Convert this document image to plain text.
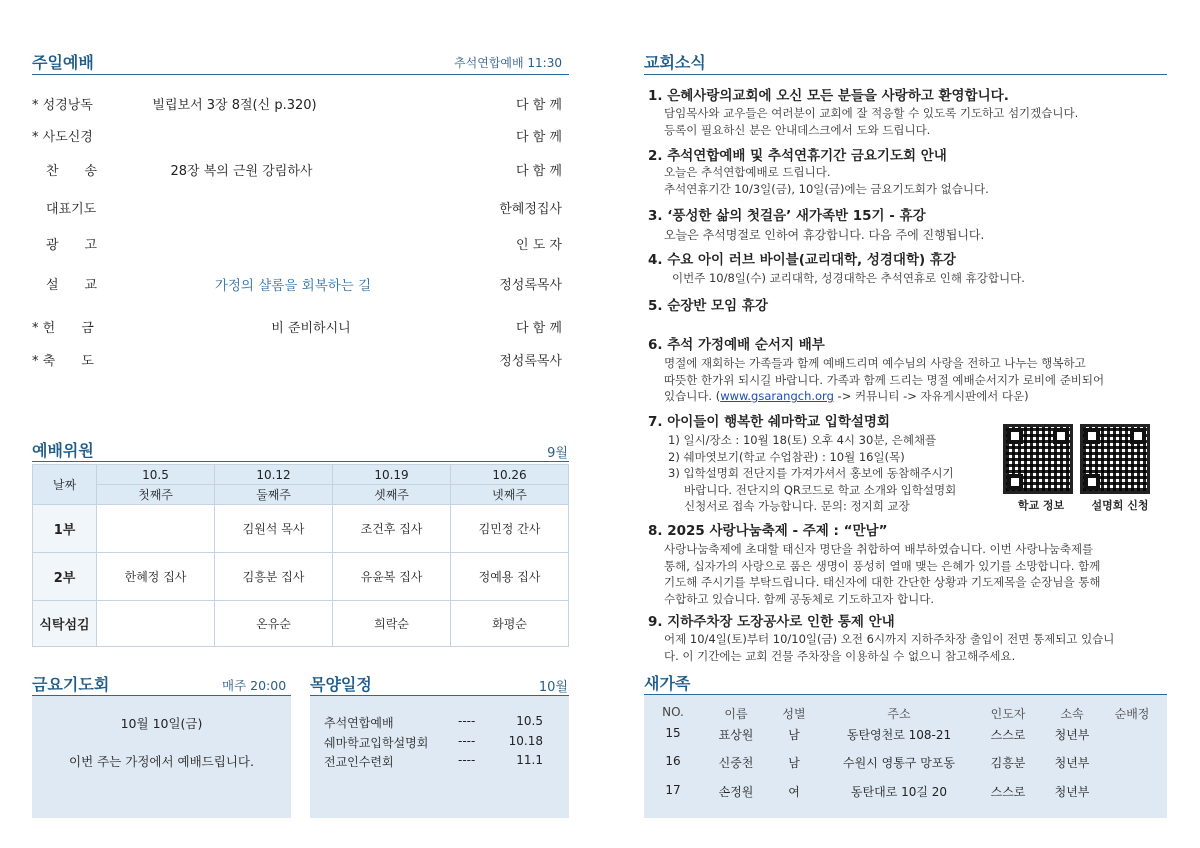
주일예배	추석연합예배 11:30
* 성경낭독	빌립보서 3장 8절(신 p.320)	다 함 께
* 사도신경	다 함 께
찬　　송	28장 복의 근원 강림하사	다 함 께
대표기도	한혜정집사
광　　고	인 도 자
설　　교	가정의 샬롬을 회복하는 길	정성록목사
* 헌　　금	비 준비하시니	다 함 께
* 축　　도	정성록목사
예배위원	9월
날짜	10.5	10.12	10.19	10.26
	첫째주	둘째주	셋째주	넷째주
1부		김원석 목사	조건후 집사	김민정 간사
2부	한혜정 집사	김흥분 집사	유윤복 집사	정예용 집사
식탁섬김		온유순	희락순	화평순
금요기도회	매주 20:00
10월 10일(금)
이번 주는 가정에서 예배드립니다.
목양일정	10월
추석연합예배	----	10.5
쉐마학교입학설명회 ----	10.18
전교인수련회	----	11.1
교회소식
1. 은혜사랑의교회에 오신 모든 분들을 사랑하고 환영합니다.
담임목사와 교우들은 여러분이 교회에 잘 적응할 수 있도록 기도하고 섬기겠습니다.
등록이 필요하신 분은 안내데스크에서 도와 드립니다.
2. 추석연합예배 및 추석연휴기간 금요기도회 안내
오늘은 추석연합예배로 드립니다.
추석연휴기간 10/3일(금), 10일(금)에는 금요기도회가 없습니다.
3. ‘풍성한 삶의 첫걸음’ 새가족반 15기 - 휴강
오늘은 추석명절로 인하여 휴강합니다. 다음 주에 진행됩니다.
4. 수요 아이 러브 바이블(교리대학, 성경대학) 휴강
이번주 10/8일(수) 교리대학, 성경대학은 추석연휴로 인해 휴강합니다.
5. 순장반 모임 휴강
6. 추석 가정예배 순서지 배부
명절에 재회하는 가족들과 함께 예배드리며 예수님의 사랑을 전하고 나누는 행복하고
따뜻한 한가위 되시길 바랍니다. 가족과 함께 드리는 명절 예배순서지가 로비에 준비되어
있습니다. (www.gsarangch.org -> 커뮤니티 -> 자유게시판에서 다운)
7. 아이들이 행복한 쉐마학교 입학설명회
1) 일시/장소 : 10월 18(토) 오후 4시 30분, 은혜채플
2) 쉐마엿보기(학교 수업참관) : 10월 16일(목)
3) 입학설명회 전단지를 가져가셔서 홍보에 동참해주시기
바랍니다. 전단지의 QR코드로 학교 소개와 입학설명회
신청서로 접속 가능합니다. 문의: 정지희 교장	학교 정보	설명회 신청
8. 2025 사랑나눔축제 - 주제 : “만남”
사랑나눔축제에 초대할 태신자 명단을 취합하여 배부하였습니다. 이번 사랑나눔축제를
통해, 십자가의 사랑으로 품은 생명이 풍성히 열매 맺는 은혜가 있기를 소망합니다. 함께
기도해 주시기를 부탁드립니다. 태신자에 대한 간단한 상황과 기도제목을 순장님을 통해
수합하고 있습니다. 함께 공동체로 기도하고자 합니다.
9. 지하주차장 도장공사로 인한 통제 안내
어제 10/4일(토)부터 10/10일(금) 오전 6시까지 지하주차장 출입이 전면 통제되고 있습니
다. 이 기간에는 교회 건물 주차장을 이용하실 수 없으니 참고해주세요.
새가족
NO.	이름	성별	주소	인도자	소속	순배정
15	표상원	남	동탄영천로 108-21	스스로	청년부
16	신중천	남	수원시 영통구 망포동	김흥분	청년부
17	손정원	여	동탄대로 10길 20	스스로	청년부
